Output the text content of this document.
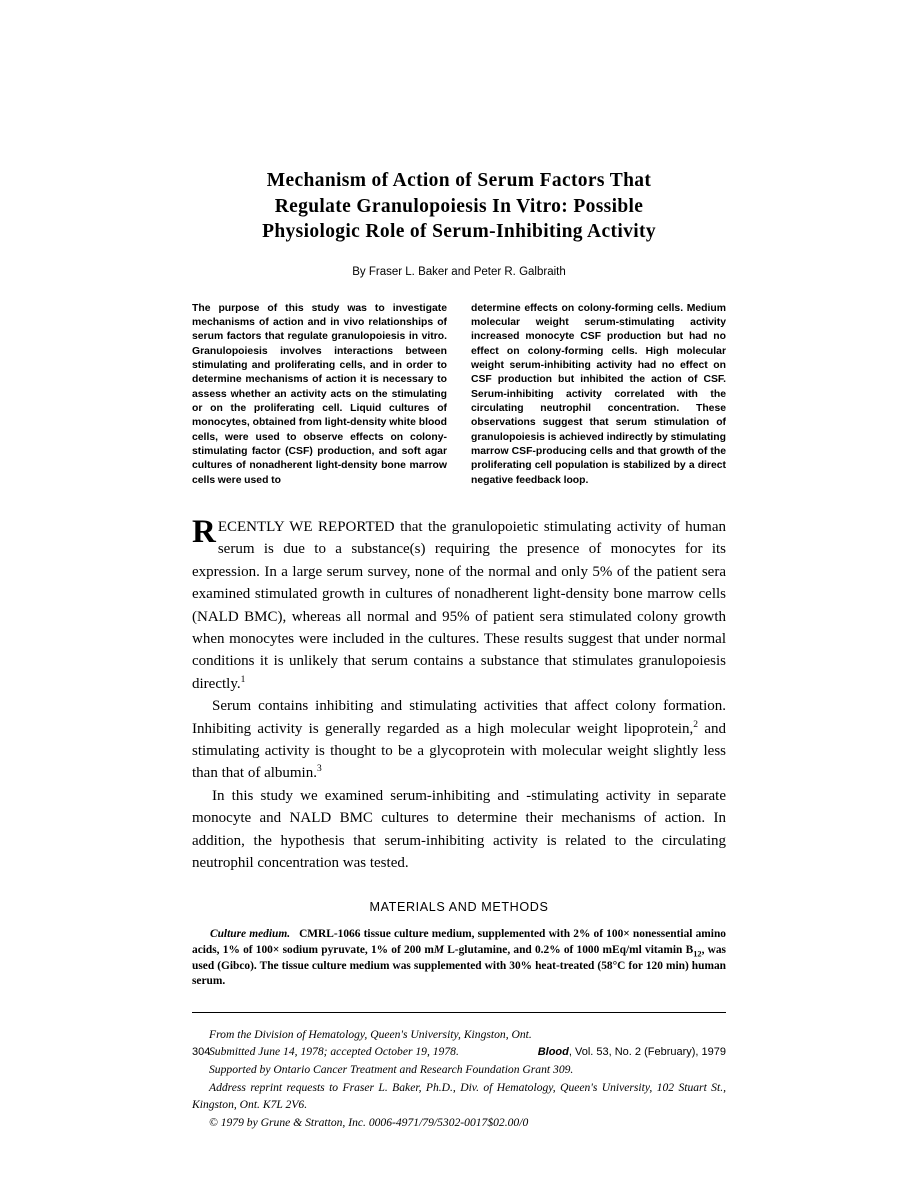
Mechanism of Action of Serum Factors That
Regulate Granulopoiesis In Vitro: Possible
Physiologic Role of Serum-Inhibiting Activity
By Fraser L. Baker and Peter R. Galbraith

The purpose of this study was to investigate mechanisms of action and in vivo relationships of serum factors that regulate granulopoiesis in vitro. Granulopoiesis involves interactions between stimulating and proliferating cells, and in order to determine mechanisms of action it is necessary to assess whether an activity acts on the stimulating or on the proliferating cell. Liquid cultures of monocytes, obtained from light-density white blood cells, were used to observe effects on colony-stimulating factor (CSF) production, and soft agar cultures of nonadherent light-density bone marrow cells were used to

determine effects on colony-forming cells. Medium molecular weight serum-stimulating activity increased monocyte CSF production but had no effect on colony-forming cells. High molecular weight serum-inhibiting activity had no effect on CSF production but inhibited the action of CSF. Serum-inhibiting activity correlated with the circulating neutrophil concentration. These observations suggest that serum stimulation of granulopoiesis is achieved indirectly by stimulating marrow CSF-producing cells and that growth of the proliferating cell population is stabilized by a direct negative feedback loop.

RECENTLY WE REPORTED that the granulopoietic stimulating activity of human serum is due to a substance(s) requiring the presence of monocytes for its expression. In a large serum survey, none of the normal and only 5% of the patient sera examined stimulated growth in cultures of nonadherent light-density bone marrow cells (NALD BMC), whereas all normal and 95% of patient sera stimulated colony growth when monocytes were included in the cultures. These results suggest that under normal conditions it is unlikely that serum contains a substance that stimulates granulopoiesis directly.$^1$

Serum contains inhibiting and stimulating activities that affect colony formation. Inhibiting activity is generally regarded as a high molecular weight lipoprotein,$^2$ and stimulating activity is thought to be a glycoprotein with molecular weight slightly less than that of albumin.$^3$

In this study we examined serum-inhibiting and -stimulating activity in separate monocyte and NALD BMC cultures to determine their mechanisms of action. In addition, the hypothesis that serum-inhibiting activity is related to the circulating neutrophil concentration was tested.

MATERIALS AND METHODS

Culture medium. CMRL-1066 tissue culture medium, supplemented with 2% of 100× nonessential amino acids, 1% of 100× sodium pyruvate, 1% of 200 mM L-glutamine, and 0.2% of 1000 mEq/ml vitamin $B_{12}$, was used (Gibco). The tissue culture medium was supplemented with 30% heat-treated (58°C for 120 min) human serum.

From the Division of Hematology, Queen's University, Kingston, Ont.

Submitted June 14, 1978; accepted October 19, 1978.

Supported by Ontario Cancer Treatment and Research Foundation Grant 309.

Address reprint requests to Fraser L. Baker, Ph.D., Div. of Hematology, Queen's University, 102 Stuart St., Kingston, Ont. K7L 2V6.

© 1979 by Grune & Stratton, Inc. 0006-4971/79/5302-0017$02.00/0

304	Blood, Vol. 53, No. 2 (February), 1979
